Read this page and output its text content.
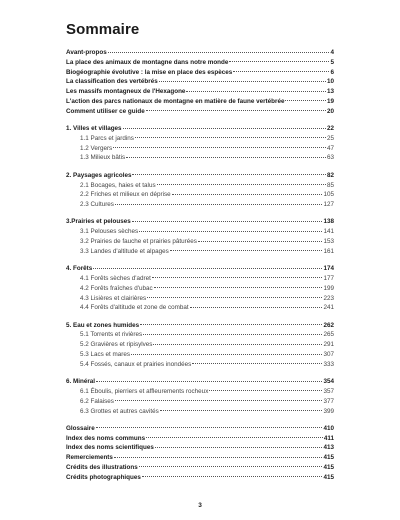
Sommaire
Avant-propos	4
La place des animaux de montagne dans notre monde	5
Biogéographie évolutive : la mise en place des espèces	6
La classification des vertébrés	10
Les massifs montagneux de l'Hexagone	13
L'action des parcs nationaux de montagne en matière de faune vertébrée	19
Comment utiliser ce guide	20
1. Villes et villages	22
1.1 Parcs et jardins	25
1.2 Vergers	47
1.3 Milieux bâtis	63
2. Paysages agricoles	82
2.1 Bocages, haies et talus	85
2.2 Friches et milieux en déprise	105
2.3 Cultures	127
3.Prairies et pelouses	138
3.1 Pelouses sèches	141
3.2 Prairies de fauche et prairies pâturées	153
3.3 Landes d'altitude et alpages	161
4. Forêts	174
4.1 Forêts sèches d'adret	177
4.2 Forêts fraîches d'ubac	199
4.3 Lisières et clairières	223
4.4 Forêts d'altitude et zone de combat	241
5. Eau et zones humides	262
5.1 Torrents et rivières	265
5.2 Gravières et ripisylves	291
5.3 Lacs et mares	307
5.4 Fossés, canaux et prairies inondées	333
6. Minéral	354
6.1 Éboulis, pierriers et affleurements rocheux	357
6.2 Falaises	377
6.3 Grottes et autres cavités	399
Glossaire	410
Index des noms communs	411
Index des noms scientifiques	413
Remerciements	415
Crédits des illustrations	415
Crédits photographiques	415
3
